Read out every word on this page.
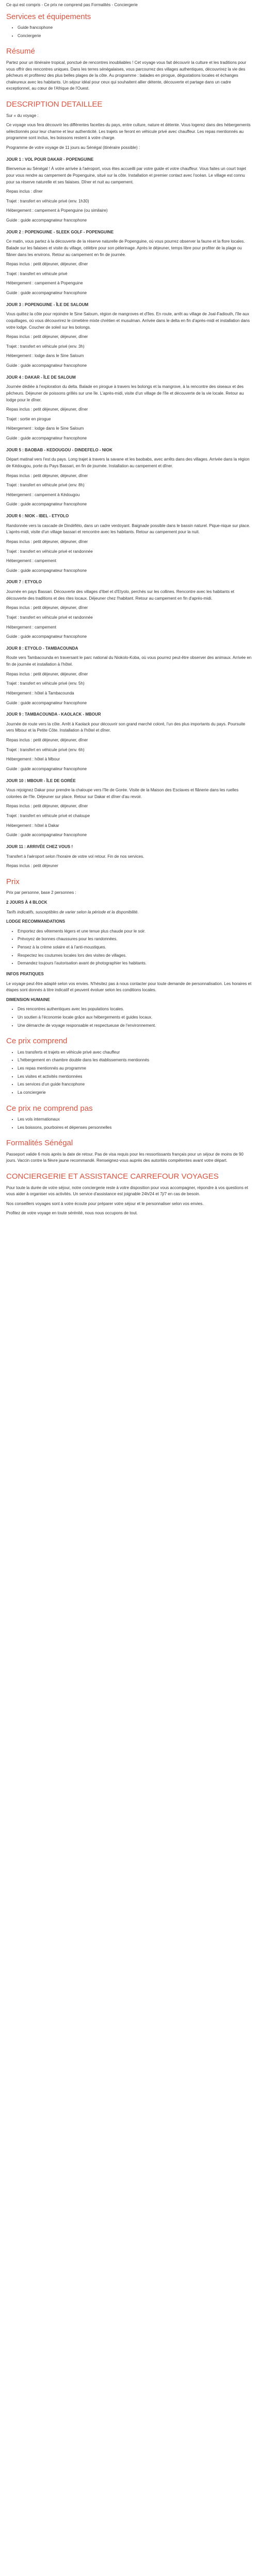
Ce qui est compris - Ce prix ne comprend pas Formalités - Conciergerie

Services et équipements
• Guide francophone
• Conciergerie
Résumé

Partez pour un itinéraire tropical, ponctué de rencontres inoubliables ! Cet voyage vous fait découvrir la culture et les traditions pour vous offrir des rencontres uniques. Dans les terres sénégalaises, vous parcourrez des villages authentiques, découvrirez la vie des pêcheurs et profiterez des plus belles plages de la côte. Au programme : balades en pirogue, dégustations locales et échanges chaleureux avec les habitants. Un séjour idéal pour ceux qui souhaitent allier détente, découverte et partage dans un cadre exceptionnel, au cœur de l'Afrique de l'Ouest.

DESCRIPTION DETAILLEE

Sur « du voyage :

Ce voyage vous fera découvrir les différentes facettes du pays, entre culture, nature et détente. Vous logerez dans des hébergements sélectionnés pour leur charme et leur authenticité. Les trajets se feront en véhicule privé avec chauffeur. Les repas mentionnés au programme sont inclus, les boissons restent à votre charge.

Programme de votre voyage de 11 jours au Sénégal (itinéraire possible) :

JOUR 1 : VOL POUR DAKAR - POPENGUINE

Bienvenue au Sénégal ! À votre arrivée à l'aéroport, vous êtes accueilli par votre guide et votre chauffeur. Vous faites un court trajet pour vous rendre au campement de Popenguine, situé sur la côte. Installation et premier contact avec l'océan. Le village est connu pour sa réserve naturelle et ses falaises. Dîner et nuit au campement.

Repas inclus : dîner

Trajet : transfert en véhicule privé (env. 1h30)

Hébergement : campement à Popenguine (ou similaire)

Guide : guide accompagnateur francophone

JOUR 2 : POPENGUINE - SLEEK GOLF - POPENGUINE

Ce matin, vous partez à la découverte de la réserve naturelle de Popenguine, où vous pourrez observer la faune et la flore locales. Balade sur les falaises et visite du village, célèbre pour son pèlerinage. Après le déjeuner, temps libre pour profiter de la plage ou flâner dans les environs. Retour au campement en fin de journée.

Repas inclus : petit déjeuner, déjeuner, dîner

Trajet : transfert en véhicule privé

Hébergement : campement à Popenguine

Guide : guide accompagnateur francophone

JOUR 3 : POPENGUINE - ÎLE DE SALOUM

Vous quittez la côte pour rejoindre le Sine Saloum, région de mangroves et d'îles. En route, arrêt au village de Joal-Fadiouth, l'île aux coquillages, où vous découvrirez le cimetière mixte chrétien et musulman. Arrivée dans le delta en fin d'après-midi et installation dans votre lodge. Coucher de soleil sur les bolongs.

Repas inclus : petit déjeuner, déjeuner, dîner

Trajet : transfert en véhicule privé (env. 3h)

Hébergement : lodge dans le Sine Saloum

Guide : guide accompagnateur francophone

JOUR 4 : DAKAR - ÎLE DE SALOUM

Journée dédiée à l'exploration du delta. Balade en pirogue à travers les bolongs et la mangrove, à la rencontre des oiseaux et des pêcheurs. Déjeuner de poissons grillés sur une île. L'après-midi, visite d'un village de l'île et découverte de la vie locale. Retour au lodge pour le dîner.

Repas inclus : petit déjeuner, déjeuner, dîner

Trajet : sortie en pirogue

Hébergement : lodge dans le Sine Saloum

Guide : guide accompagnateur francophone

JOUR 5 : BAOBAB - KEDOUGOU - DINDEFELO - NIOK

Départ matinal vers l'est du pays. Long trajet à travers la savane et les baobabs, avec arrêts dans des villages. Arrivée dans la région de Kédougou, porte du Pays Bassari, en fin de journée. Installation au campement et dîner.

Repas inclus : petit déjeuner, déjeuner, dîner

Trajet : transfert en véhicule privé (env. 8h)

Hébergement : campement à Kédougou

Guide : guide accompagnateur francophone

JOUR 6 : NIOK - IBEL - ETYOLO

Randonnée vers la cascade de Dindéfélo, dans un cadre verdoyant. Baignade possible dans le bassin naturel. Pique-nique sur place. L'après-midi, visite d'un village bassari et rencontre avec les habitants. Retour au campement pour la nuit.

Repas inclus : petit déjeuner, déjeuner, dîner

Trajet : transfert en véhicule privé et randonnée

Hébergement : campement

Guide : guide accompagnateur francophone

JOUR 7 : ETYOLO

Journée en pays Bassari. Découverte des villages d'Ibel et d'Etyolo, perchés sur les collines. Rencontre avec les habitants et découverte des traditions et des rites locaux. Déjeuner chez l'habitant. Retour au campement en fin d'après-midi.

Repas inclus : petit déjeuner, déjeuner, dîner

Trajet : transfert en véhicule privé et randonnée

Hébergement : campement

Guide : guide accompagnateur francophone

JOUR 8 : ETYOLO - TAMBACOUNDA

Route vers Tambacounda en traversant le parc national du Niokolo-Koba, où vous pourrez peut-être observer des animaux. Arrivée en fin de journée et installation à l'hôtel.

Repas inclus : petit déjeuner, déjeuner, dîner

Trajet : transfert en véhicule privé (env. 5h)

Hébergement : hôtel à Tambacounda

Guide : guide accompagnateur francophone

JOUR 9 : TAMBACOUNDA - KAOLACK - MBOUR

Journée de route vers la côte. Arrêt à Kaolack pour découvrir son grand marché coloré, l'un des plus importants du pays. Poursuite vers Mbour et la Petite Côte. Installation à l'hôtel et dîner.

Repas inclus : petit déjeuner, déjeuner, dîner

Trajet : transfert en véhicule privé (env. 6h)

Hébergement : hôtel à Mbour

Guide : guide accompagnateur francophone

JOUR 10 : MBOUR - ÎLE DE GORÉE

Vous rejoignez Dakar pour prendre la chaloupe vers l'île de Gorée. Visite de la Maison des Esclaves et flânerie dans les ruelles colorées de l'île. Déjeuner sur place. Retour sur Dakar et dîner d'au revoir.

Repas inclus : petit déjeuner, déjeuner, dîner

Trajet : transfert en véhicule privé et chaloupe

Hébergement : hôtel à Dakar

Guide : guide accompagnateur francophone

JOUR 11 : ARRIVÉE CHEZ VOUS !

Transfert à l'aéroport selon l'horaire de votre vol retour. Fin de nos services.

Repas inclus : petit déjeuner

Prix

Prix par personne, base 2 personnes :

2 JOURS À 4 BLOCK

Tarifs indicatifs, susceptibles de varier selon la période et la disponibilité.

LODGE RECOMMANDATIONS

• Emportez des vêtements légers et une tenue plus chaude pour le soir.
• Prévoyez de bonnes chaussures pour les randonnées.
• Pensez à la crème solaire et à l'anti-moustiques.
• Respectez les coutumes locales lors des visites de villages.
• Demandez toujours l'autorisation avant de photographier les habitants.

INFOS PRATIQUES

Le voyage peut être adapté selon vos envies. N'hésitez pas à nous contacter pour toute demande de personnalisation. Les horaires et étapes sont donnés à titre indicatif et peuvent évoluer selon les conditions locales.

DIMENSION HUMAINE

• Des rencontres authentiques avec les populations locales.
• Un soutien à l'économie locale grâce aux hébergements et guides locaux.
• Une démarche de voyage responsable et respectueuse de l'environnement.
Ce prix comprend
• Les transferts et trajets en véhicule privé avec chauffeur
• L'hébergement en chambre double dans les établissements mentionnés
• Les repas mentionnés au programme
• Les visites et activités mentionnées
• Les services d'un guide francophone
• La conciergerie
Ce prix ne comprend pas
• Les vols internationaux
• Les boissons, pourboires et dépenses personnelles
Formalités Sénégal

Passeport valide 6 mois après la date de retour. Pas de visa requis pour les ressortissants français pour un séjour de moins de 90 jours. Vaccin contre la fièvre jaune recommandé. Renseignez-vous auprès des autorités compétentes avant votre départ.

CONCIERGERIE ET ASSISTANCE CARREFOUR VOYAGES

Pour toute la durée de votre séjour, notre conciergerie reste à votre disposition pour vous accompagner, répondre à vos questions et vous aider à organiser vos activités. Un service d'assistance est joignable 24h/24 et 7j/7 en cas de besoin.

Nos conseillers voyages sont à votre écoute pour préparer votre séjour et le personnaliser selon vos envies.

Profitez de votre voyage en toute sérénité, nous nous occupons de tout.
